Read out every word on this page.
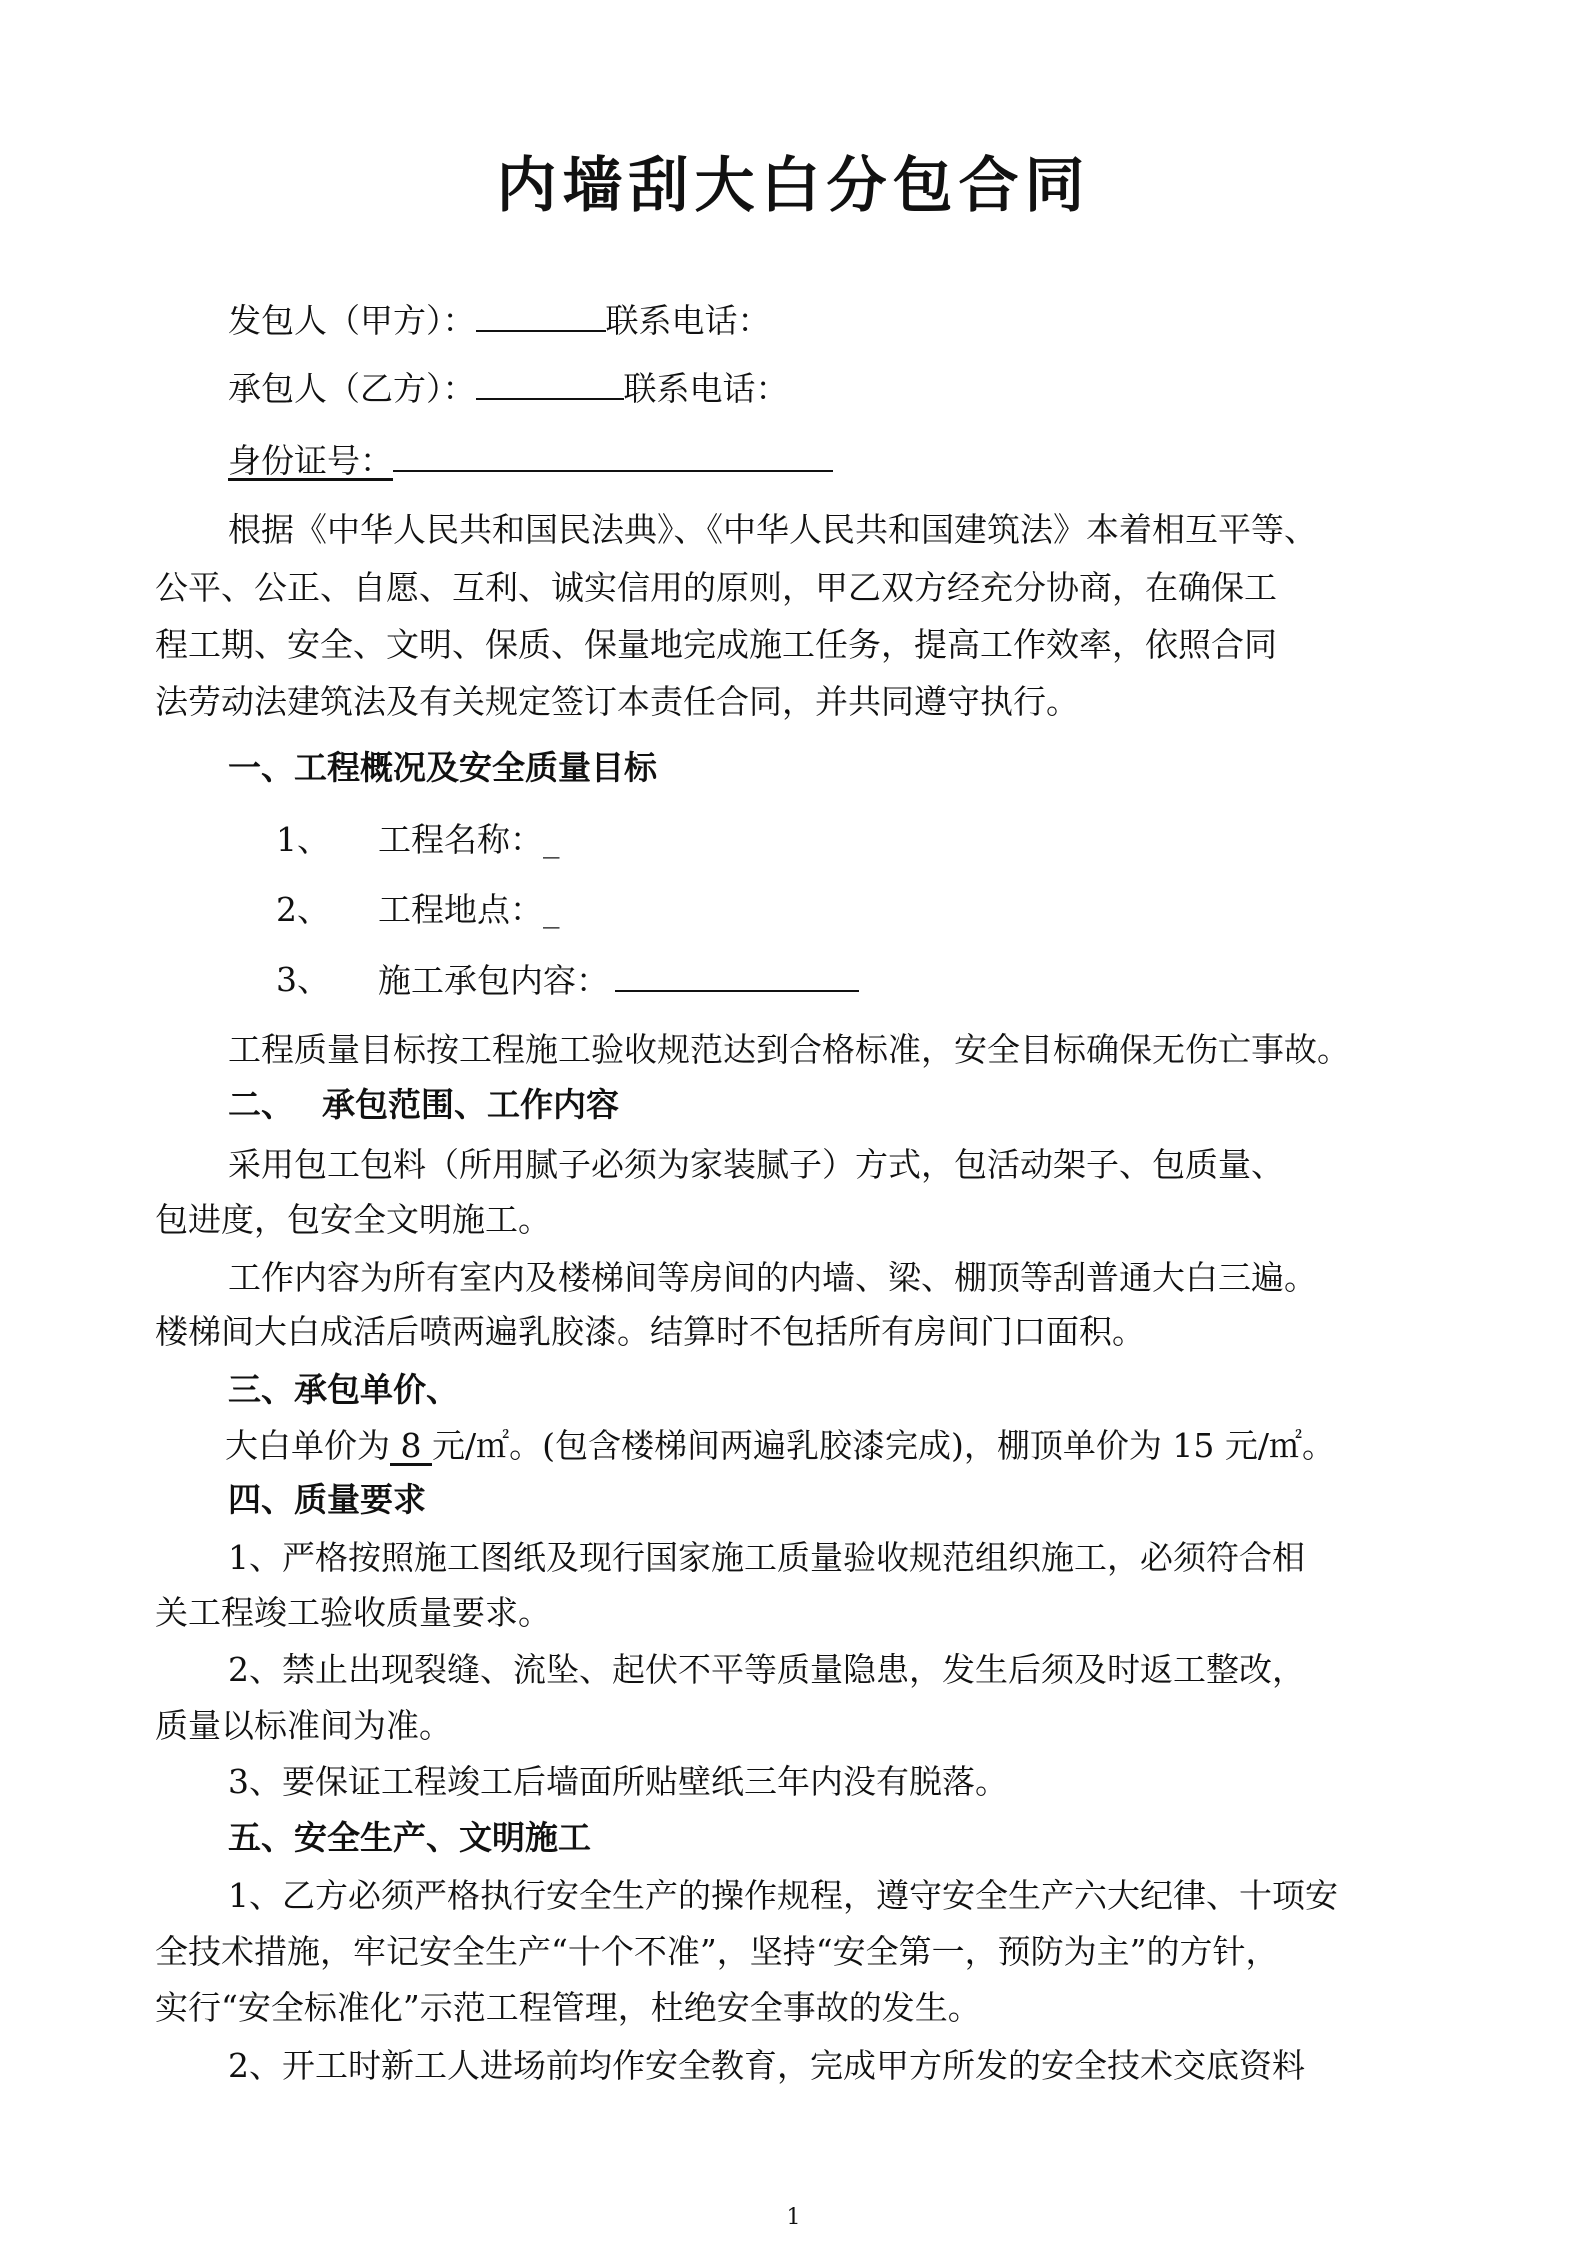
内墙刮大白分包合同
发包人（甲方）：	联系电话：
承包人（乙方）：	联系电话：
身份证号：
根据《中华人民共和国民法典》、《中华人民共和国建筑法》本着相互平等、
公平、公正、自愿、互利、诚实信用的原则，甲乙双方经充分协商，在确保工
程工期、安全、文明、保质、保量地完成施工任务，提高工作效率，依照合同
法劳动法建筑法及有关规定签订本责任合同，并共同遵守执行。
一、工程概况及安全质量目标
1、 工程名称：_
2、 工程地点：_
3、 施工承包内容：
工程质量目标按工程施工验收规范达到合格标准，安全目标确保无伤亡事故。
二、 承包范围、工作内容
采用包工包料（所用腻子必须为家装腻子）方式，包活动架子、包质量、
包进度，包安全文明施工。
工作内容为所有室内及楼梯间等房间的内墙、梁、棚顶等刮普通大白三遍。
楼梯间大白成活后喷两遍乳胶漆。结算时不包括所有房间门口面积。
三、承包单价、
大白单价为 8 元/㎡。(包含楼梯间两遍乳胶漆完成)，棚顶单价为 15 元/㎡。
四、质量要求
1、严格按照施工图纸及现行国家施工质量验收规范组织施工，必须符合相
关工程竣工验收质量要求。
2、禁止出现裂缝、流坠、起伏不平等质量隐患，发生后须及时返工整改，
质量以标准间为准。
3、要保证工程竣工后墙面所贴壁纸三年内没有脱落。
五、安全生产、文明施工
1、乙方必须严格执行安全生产的操作规程，遵守安全生产六大纪律、十项安
全技术措施，牢记安全生产“十个不准”，坚持“安全第一，预防为主”的方针，
实行“安全标准化”示范工程管理，杜绝安全事故的发生。
2、开工时新工人进场前均作安全教育，完成甲方所发的安全技术交底资料
1
